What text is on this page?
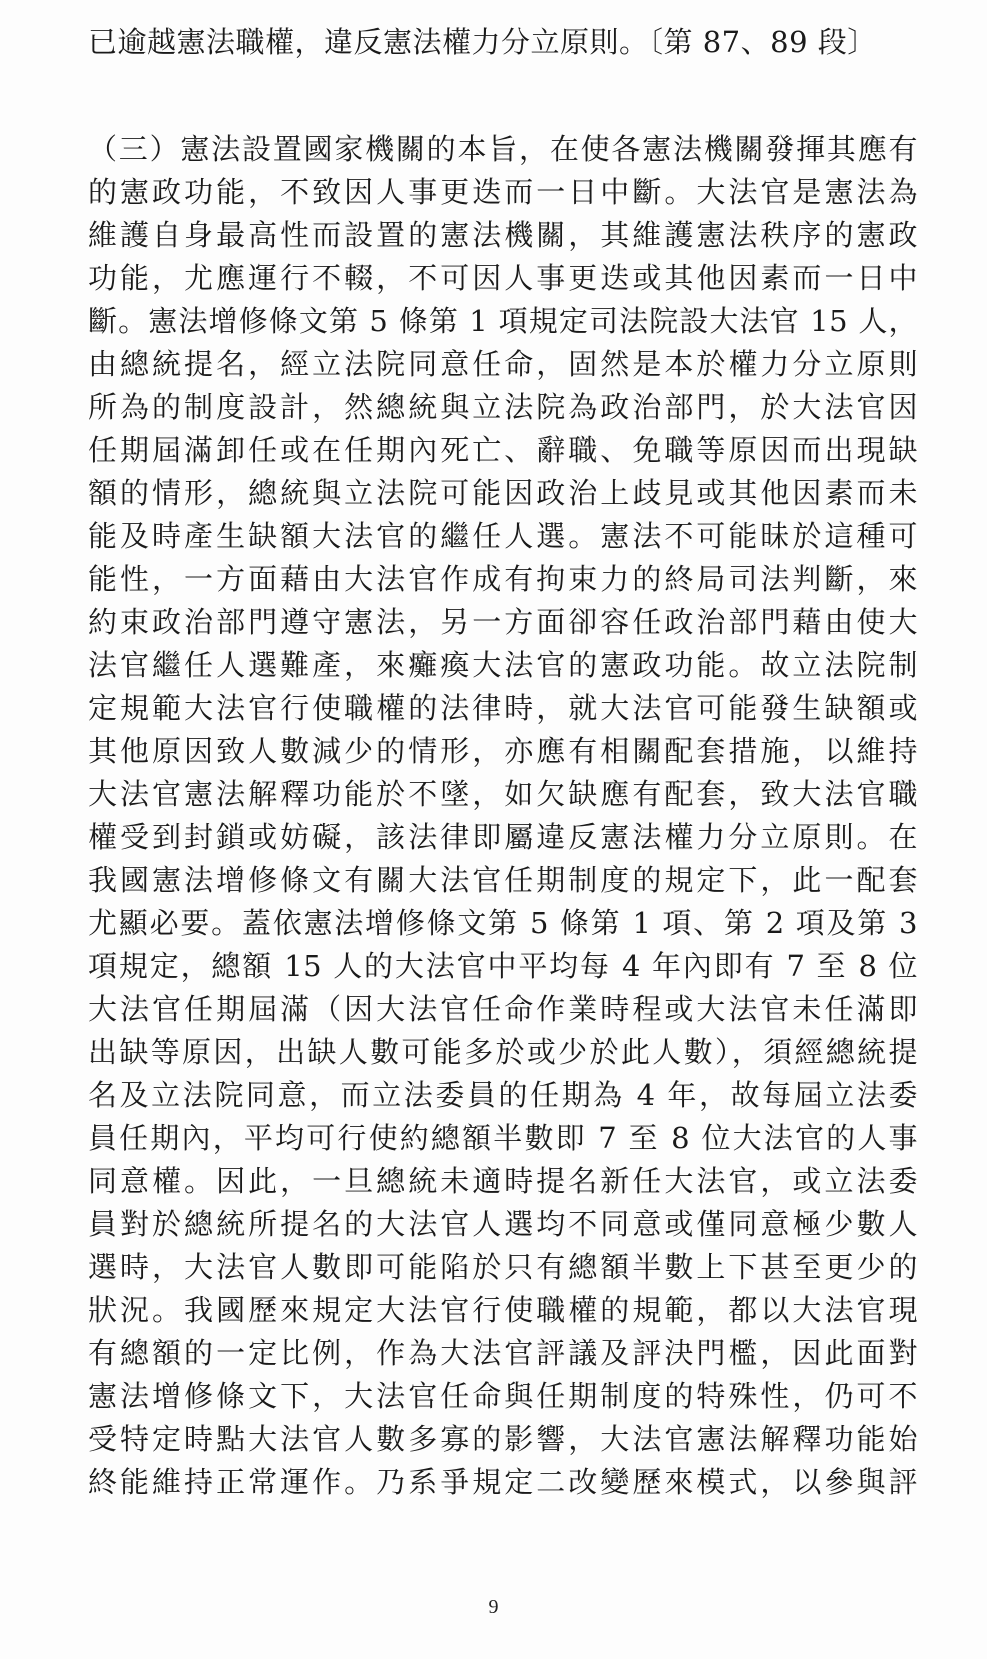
已逾越憲法職權，違反憲法權力分立原則。〔第 87、89 段〕
（三）憲法設置國家機關的本旨，在使各憲法機關發揮其應有
的憲政功能，不致因人事更迭而一日中斷。大法官是憲法為
維護自身最高性而設置的憲法機關，其維護憲法秩序的憲政
功能，尤應運行不輟，不可因人事更迭或其他因素而一日中
斷。憲法增修條文第 5 條第 1 項規定司法院設大法官 15 人，
由總統提名，經立法院同意任命，固然是本於權力分立原則
所為的制度設計，然總統與立法院為政治部門，於大法官因
任期屆滿卸任或在任期內死亡、辭職、免職等原因而出現缺
額的情形，總統與立法院可能因政治上歧見或其他因素而未
能及時產生缺額大法官的繼任人選。憲法不可能昧於這種可
能性，一方面藉由大法官作成有拘束力的終局司法判斷，來
約束政治部門遵守憲法，另一方面卻容任政治部門藉由使大
法官繼任人選難產，來癱瘓大法官的憲政功能。故立法院制
定規範大法官行使職權的法律時，就大法官可能發生缺額或
其他原因致人數減少的情形，亦應有相關配套措施，以維持
大法官憲法解釋功能於不墜，如欠缺應有配套，致大法官職
權受到封鎖或妨礙，該法律即屬違反憲法權力分立原則。在
我國憲法增修條文有關大法官任期制度的規定下，此一配套
尤顯必要。蓋依憲法增修條文第 5 條第 1 項、第 2 項及第 3
項規定，總額 15 人的大法官中平均每 4 年內即有 7 至 8 位
大法官任期屆滿（因大法官任命作業時程或大法官未任滿即
出缺等原因，出缺人數可能多於或少於此人數），須經總統提
名及立法院同意，而立法委員的任期為 4 年，故每屆立法委
員任期內，平均可行使約總額半數即 7 至 8 位大法官的人事
同意權。因此，一旦總統未適時提名新任大法官，或立法委
員對於總統所提名的大法官人選均不同意或僅同意極少數人
選時，大法官人數即可能陷於只有總額半數上下甚至更少的
狀況。我國歷來規定大法官行使職權的規範，都以大法官現
有總額的一定比例，作為大法官評議及評決門檻，因此面對
憲法增修條文下，大法官任命與任期制度的特殊性，仍可不
受特定時點大法官人數多寡的影響，大法官憲法解釋功能始
終能維持正常運作。乃系爭規定二改變歷來模式，以參與評
9
